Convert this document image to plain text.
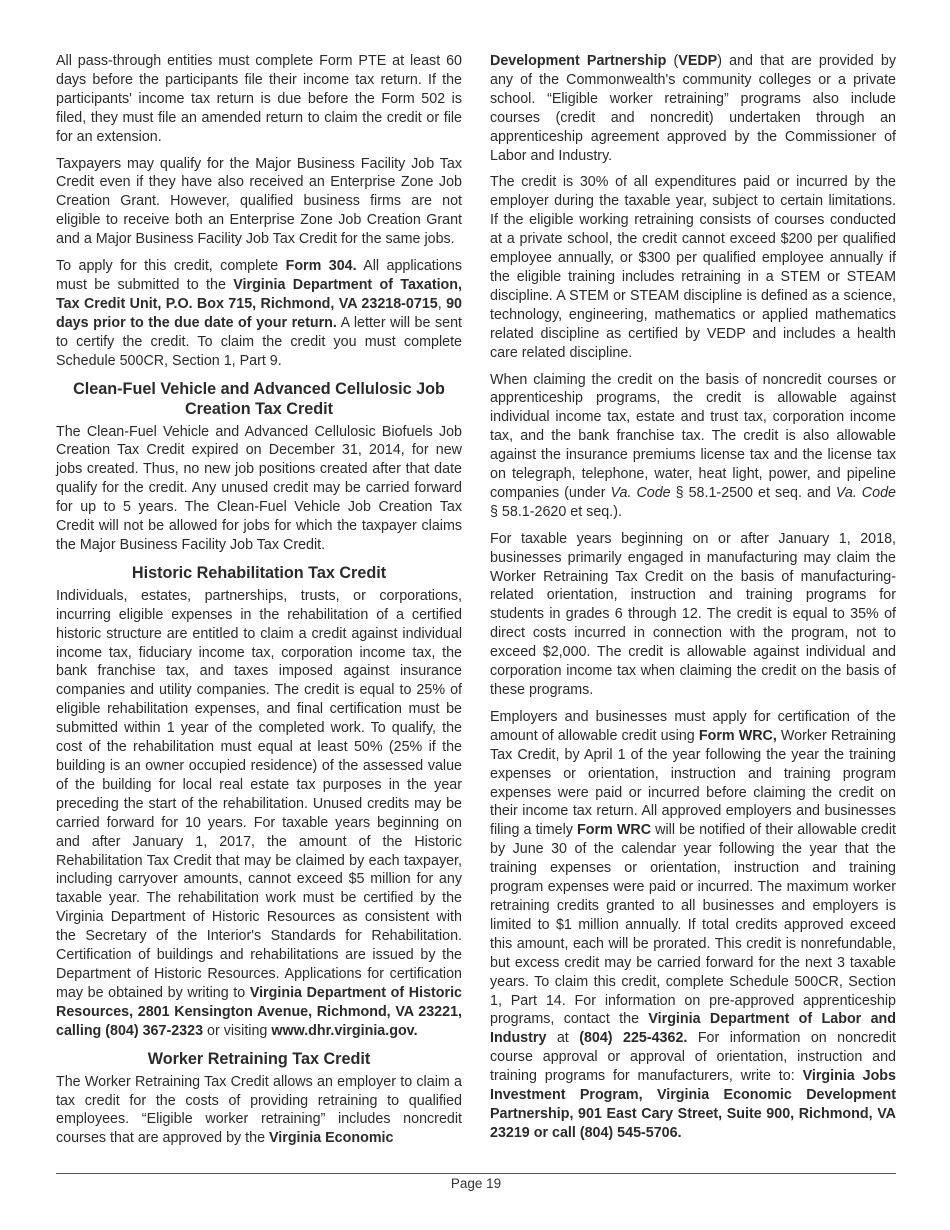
All pass-through entities must complete Form PTE at least 60 days before the participants file their income tax return. If the participants' income tax return is due before the Form 502 is filed, they must file an amended return to claim the credit or file for an extension.

Taxpayers may qualify for the Major Business Facility Job Tax Credit even if they have also received an Enterprise Zone Job Creation Grant. However, qualified business firms are not eligible to receive both an Enterprise Zone Job Creation Grant and a Major Business Facility Job Tax Credit for the same jobs.

To apply for this credit, complete Form 304. All applications must be submitted to the Virginia Department of Taxation, Tax Credit Unit, P.O. Box 715, Richmond, VA 23218-0715, 90 days prior to the due date of your return. A letter will be sent to certify the credit. To claim the credit you must complete Schedule 500CR, Section 1, Part 9.

Clean-Fuel Vehicle and Advanced Cellulosic Job Creation Tax Credit

The Clean-Fuel Vehicle and Advanced Cellulosic Biofuels Job Creation Tax Credit expired on December 31, 2014, for new jobs created. Thus, no new job positions created after that date qualify for the credit. Any unused credit may be carried forward for up to 5 years. The Clean-Fuel Vehicle Job Creation Tax Credit will not be allowed for jobs for which the taxpayer claims the Major Business Facility Job Tax Credit.

Historic Rehabilitation Tax Credit

Individuals, estates, partnerships, trusts, or corporations, incurring eligible expenses in the rehabilitation of a certified historic structure are entitled to claim a credit against individual income tax, fiduciary income tax, corporation income tax, the bank franchise tax, and taxes imposed against insurance companies and utility companies. The credit is equal to 25% of eligible rehabilitation expenses, and final certification must be submitted within 1 year of the completed work. To qualify, the cost of the rehabilitation must equal at least 50% (25% if the building is an owner occupied residence) of the assessed value of the building for local real estate tax purposes in the year preceding the start of the rehabilitation. Unused credits may be carried forward for 10 years. For taxable years beginning on and after January 1, 2017, the amount of the Historic Rehabilitation Tax Credit that may be claimed by each taxpayer, including carryover amounts, cannot exceed $5 million for any taxable year. The rehabilitation work must be certified by the Virginia Department of Historic Resources as consistent with the Secretary of the Interior's Standards for Rehabilitation. Certification of buildings and rehabilitations are issued by the Department of Historic Resources. Applications for certification may be obtained by writing to Virginia Department of Historic Resources, 2801 Kensington Avenue, Richmond, VA 23221, calling (804) 367-2323 or visiting www.dhr.virginia.gov.

Worker Retraining Tax Credit

The Worker Retraining Tax Credit allows an employer to claim a tax credit for the costs of providing retraining to qualified employees. “Eligible worker retraining” includes noncredit courses that are approved by the Virginia Economic

Development Partnership (VEDP) and that are provided by any of the Commonwealth's community colleges or a private school. “Eligible worker retraining” programs also include courses (credit and noncredit) undertaken through an apprenticeship agreement approved by the Commissioner of Labor and Industry.

The credit is 30% of all expenditures paid or incurred by the employer during the taxable year, subject to certain limitations. If the eligible working retraining consists of courses conducted at a private school, the credit cannot exceed $200 per qualified employee annually, or $300 per qualified employee annually if the eligible training includes retraining in a STEM or STEAM discipline. A STEM or STEAM discipline is defined as a science, technology, engineering, mathematics or applied mathematics related discipline as certified by VEDP and includes a health care related discipline.

When claiming the credit on the basis of noncredit courses or apprenticeship programs, the credit is allowable against individual income tax, estate and trust tax, corporation income tax, and the bank franchise tax. The credit is also allowable against the insurance premiums license tax and the license tax on telegraph, telephone, water, heat light, power, and pipeline companies (under Va. Code § 58.1-2500 et seq. and Va. Code § 58.1-2620 et seq.).

For taxable years beginning on or after January 1, 2018, businesses primarily engaged in manufacturing may claim the Worker Retraining Tax Credit on the basis of manufacturing-related orientation, instruction and training programs for students in grades 6 through 12. The credit is equal to 35% of direct costs incurred in connection with the program, not to exceed $2,000. The credit is allowable against individual and corporation income tax when claiming the credit on the basis of these programs.

Employers and businesses must apply for certification of the amount of allowable credit using Form WRC, Worker Retraining Tax Credit, by April 1 of the year following the year the training expenses or orientation, instruction and training program expenses were paid or incurred before claiming the credit on their income tax return. All approved employers and businesses filing a timely Form WRC will be notified of their allowable credit by June 30 of the calendar year following the year that the training expenses or orientation, instruction and training program expenses were paid or incurred. The maximum worker retraining credits granted to all businesses and employers is limited to $1 million annually. If total credits approved exceed this amount, each will be prorated. This credit is nonrefundable, but excess credit may be carried forward for the next 3 taxable years. To claim this credit, complete Schedule 500CR, Section 1, Part 14. For information on pre-approved apprenticeship programs, contact the Virginia Department of Labor and Industry at (804) 225-4362. For information on noncredit course approval or approval of orientation, instruction and training programs for manufacturers, write to: Virginia Jobs Investment Program, Virginia Economic Development Partnership, 901 East Cary Street, Suite 900, Richmond, VA 23219 or call (804) 545-5706.

Page 19
